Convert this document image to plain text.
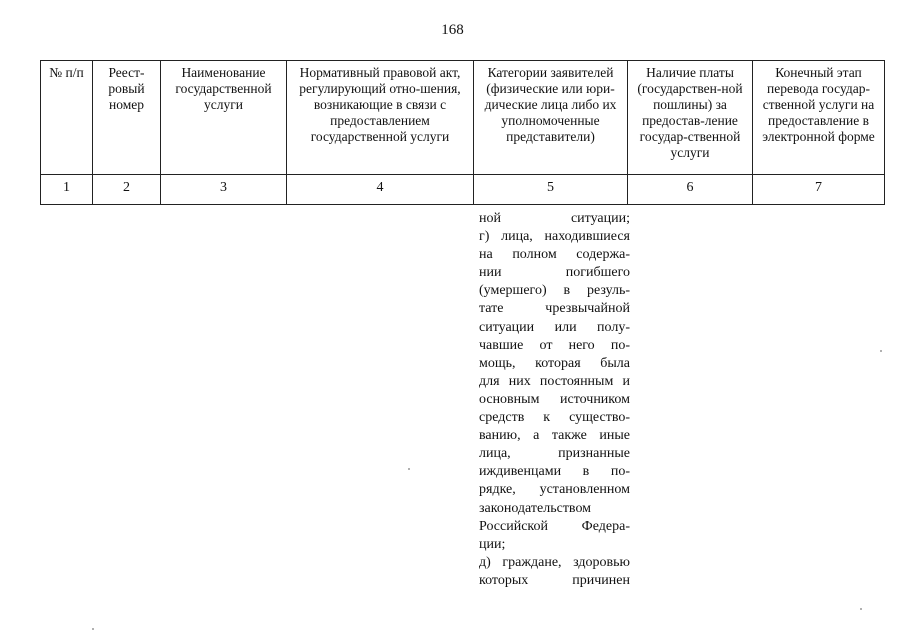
168
№ п/п	Реест-ровый номер	Наименование государственной услуги	Нормативный правовой акт, регулирующий отно-шения, возникающие в связи с предоставлением государственной услуги	Категории заявителей (физические или юри-дические лица либо их уполномоченные представители)	Наличие платы (государствен-ной пошлины) за предостав-ление государ-ственной услуги	Конечный этап перевода государ-ственной услуги на предоставление в электронной форме
1	2	3	4	5	6	7
ной ситуации;
г) лица, находившиеся
на полном содержа-
нии погибшего
(умершего) в резуль-
тате чрезвычайной
ситуации или полу-
чавшие от него по-
мощь, которая была
для них постоянным и
основным источником
средств к существо-
ванию, а также иные
лица, признанные
иждивенцами в по-
рядке, установленном
законодательством
Российской Федера-
ции;
д) граждане, здоровью
которых причинен
